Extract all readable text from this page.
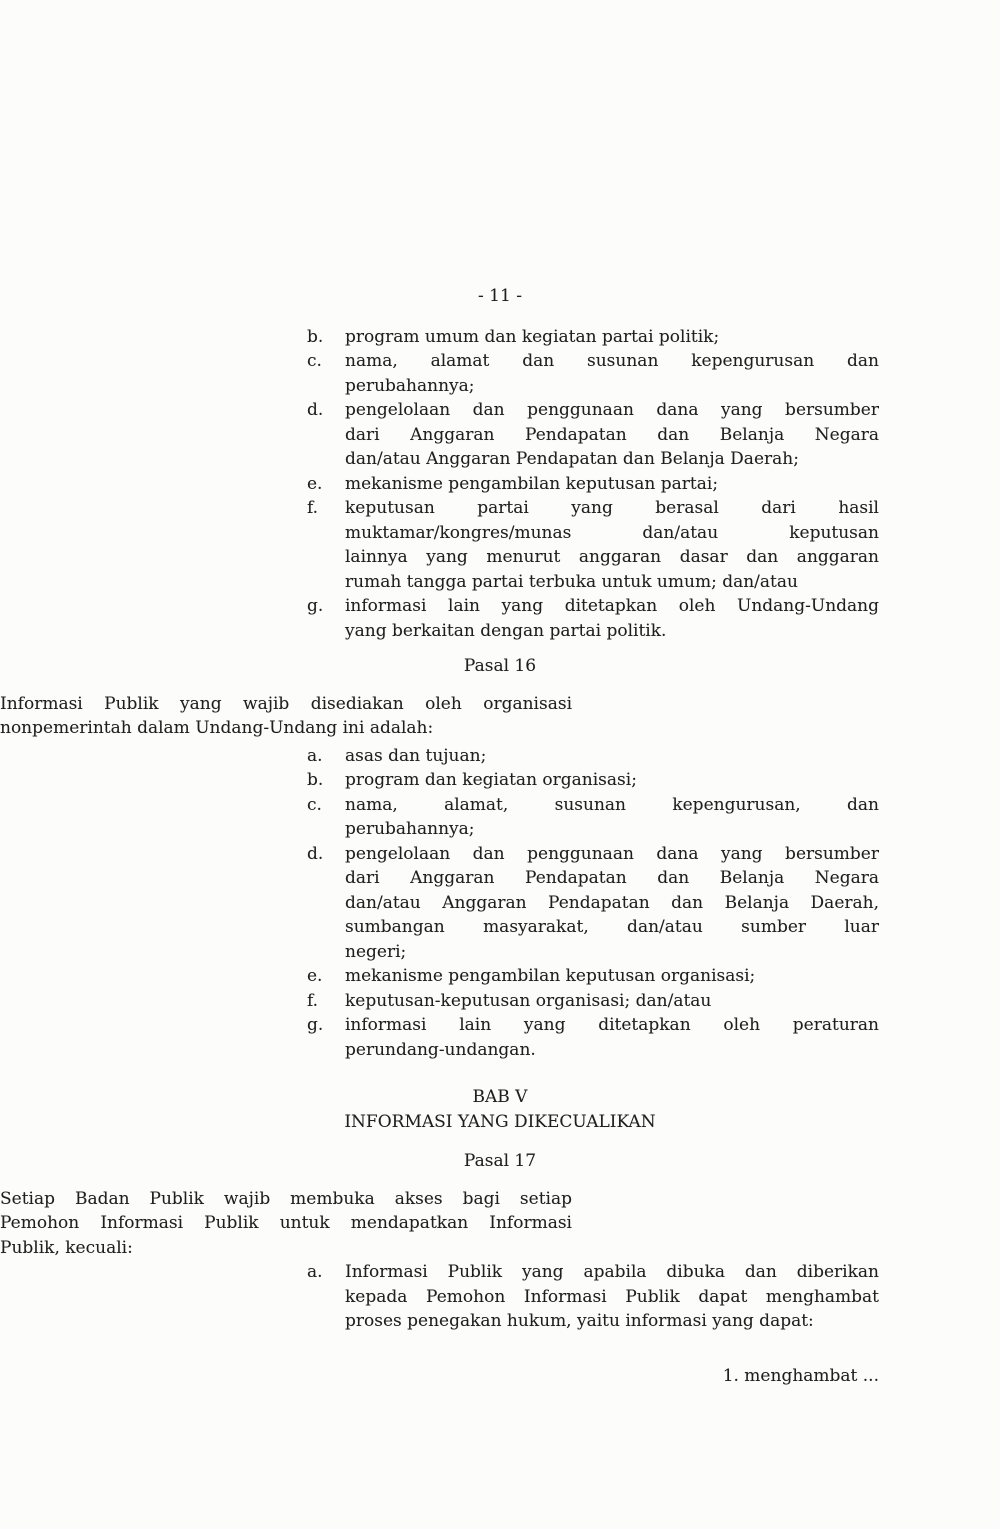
- 11 -
b. program umum dan kegiatan partai politik;
c. nama, alamat dan susunan kepengurusan dan
perubahannya;
d. pengelolaan dan penggunaan dana yang bersumber
dari Anggaran Pendapatan dan Belanja Negara
dan/atau Anggaran Pendapatan dan Belanja Daerah;
e. mekanisme pengambilan keputusan partai;
f. keputusan partai yang berasal dari hasil
muktamar/kongres/munas dan/atau keputusan
lainnya yang menurut anggaran dasar dan anggaran
rumah tangga partai terbuka untuk umum; dan/atau
g. informasi lain yang ditetapkan oleh Undang-Undang
yang berkaitan dengan partai politik.
Pasal 16
Informasi Publik yang wajib disediakan oleh organisasi
nonpemerintah dalam Undang-Undang ini adalah:
a. asas dan tujuan;
b. program dan kegiatan organisasi;
c. nama, alamat, susunan kepengurusan, dan
perubahannya;
d. pengelolaan dan penggunaan dana yang bersumber
dari Anggaran Pendapatan dan Belanja Negara
dan/atau Anggaran Pendapatan dan Belanja Daerah,
sumbangan masyarakat, dan/atau sumber luar
negeri;
e. mekanisme pengambilan keputusan organisasi;
f. keputusan-keputusan organisasi; dan/atau
g. informasi lain yang ditetapkan oleh peraturan
perundang-undangan.
BAB V
INFORMASI YANG DIKECUALIKAN
Pasal 17
Setiap Badan Publik wajib membuka akses bagi setiap
Pemohon Informasi Publik untuk mendapatkan Informasi
Publik, kecuali:
a. Informasi Publik yang apabila dibuka dan diberikan
kepada Pemohon Informasi Publik dapat menghambat
proses penegakan hukum, yaitu informasi yang dapat:
1. menghambat ...
